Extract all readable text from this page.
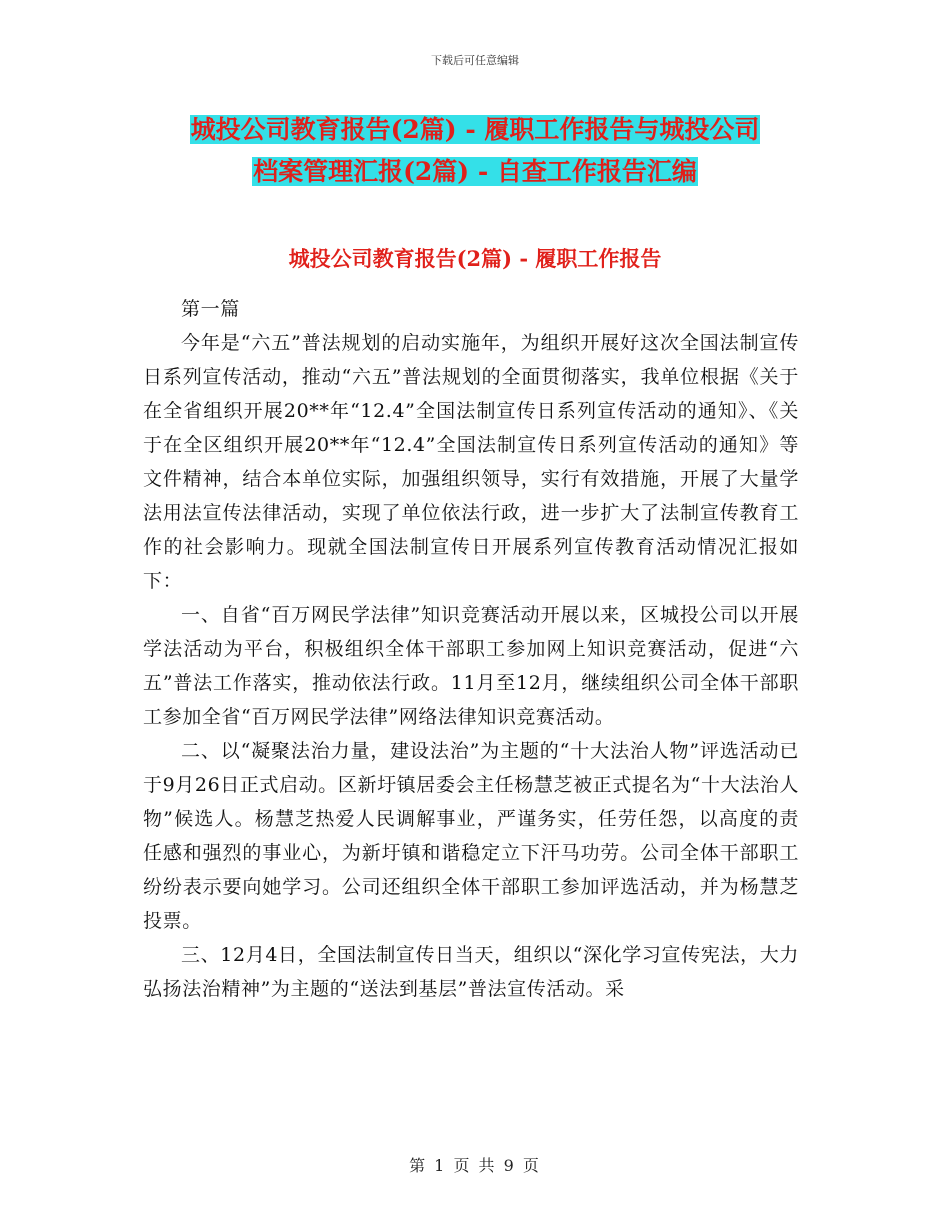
下载后可任意编辑
城投公司教育报告(2篇) - 履职工作报告与城投公司
档案管理汇报(2篇) - 自查工作报告汇编
城投公司教育报告(2篇) - 履职工作报告

第一篇

今年是“六五”普法规划的启动实施年，为组织开展好这次全国法制宣传日系列宣传活动，推动“六五”普法规划的全面贯彻落实，我单位根据《关于在全省组织开展20**年“12.4”全国法制宣传日系列宣传活动的通知》、《关于在全区组织开展20**年“12.4”全国法制宣传日系列宣传活动的通知》等文件精神，结合本单位实际，加强组织领导，实行有效措施，开展了大量学法用法宣传法律活动，实现了单位依法行政，进一步扩大了法制宣传教育工作的社会影响力。现就全国法制宣传日开展系列宣传教育活动情况汇报如下：

一、自省“百万网民学法律”知识竞赛活动开展以来，区城投公司以开展学法活动为平台，积极组织全体干部职工参加网上知识竞赛活动，促进“六五”普法工作落实，推动依法行政。11月至12月，继续组织公司全体干部职工参加全省“百万网民学法律”网络法律知识竞赛活动。

二、以“凝聚法治力量，建设法治”为主题的“十大法治人物”评选活动已于9月26日正式启动。区新圩镇居委会主任杨慧芝被正式提名为“十大法治人物”候选人。杨慧芝热爱人民调解事业，严谨务实，任劳任怨，以高度的责任感和强烈的事业心，为新圩镇和谐稳定立下汗马功劳。公司全体干部职工纷纷表示要向她学习。公司还组织全体干部职工参加评选活动，并为杨慧芝投票。

三、12月4日，全国法制宣传日当天，组织以“深化学习宣传宪法，大力弘扬法治精神”为主题的“送法到基层”普法宣传活动。采

第 1 页 共 9 页
